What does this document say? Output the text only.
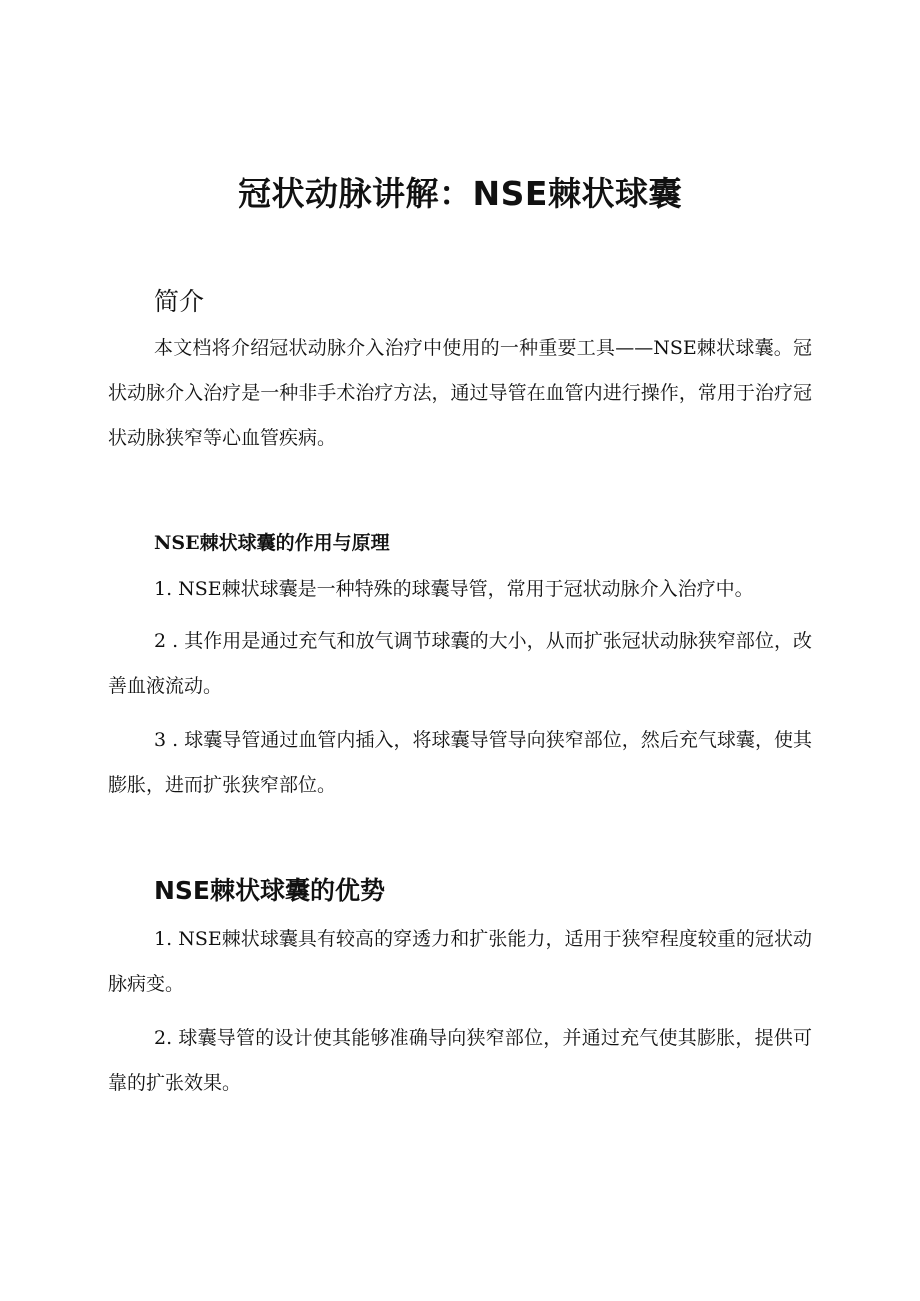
冠状动脉讲解：NSE棘状球囊
简介

本文档将介绍冠状动脉介入治疗中使用的一种重要工具——NSE棘状球囊。冠状动脉介入治疗是一种非手术治疗方法，通过导管在血管内进行操作，常用于治疗冠状动脉狭窄等心血管疾病。

NSE棘状球囊的作用与原理

1. NSE棘状球囊是一种特殊的球囊导管，常用于冠状动脉介入治疗中。

2 . 其作用是通过充气和放气调节球囊的大小，从而扩张冠状动脉狭窄部位，改善血液流动。

3 . 球囊导管通过血管内插入，将球囊导管导向狭窄部位，然后充气球囊，使其膨胀，进而扩张狭窄部位。

NSE棘状球囊的优势

1. NSE棘状球囊具有较高的穿透力和扩张能力，适用于狭窄程度较重的冠状动脉病变。

2. 球囊导管的设计使其能够准确导向狭窄部位，并通过充气使其膨胀，提供可靠的扩张效果。
